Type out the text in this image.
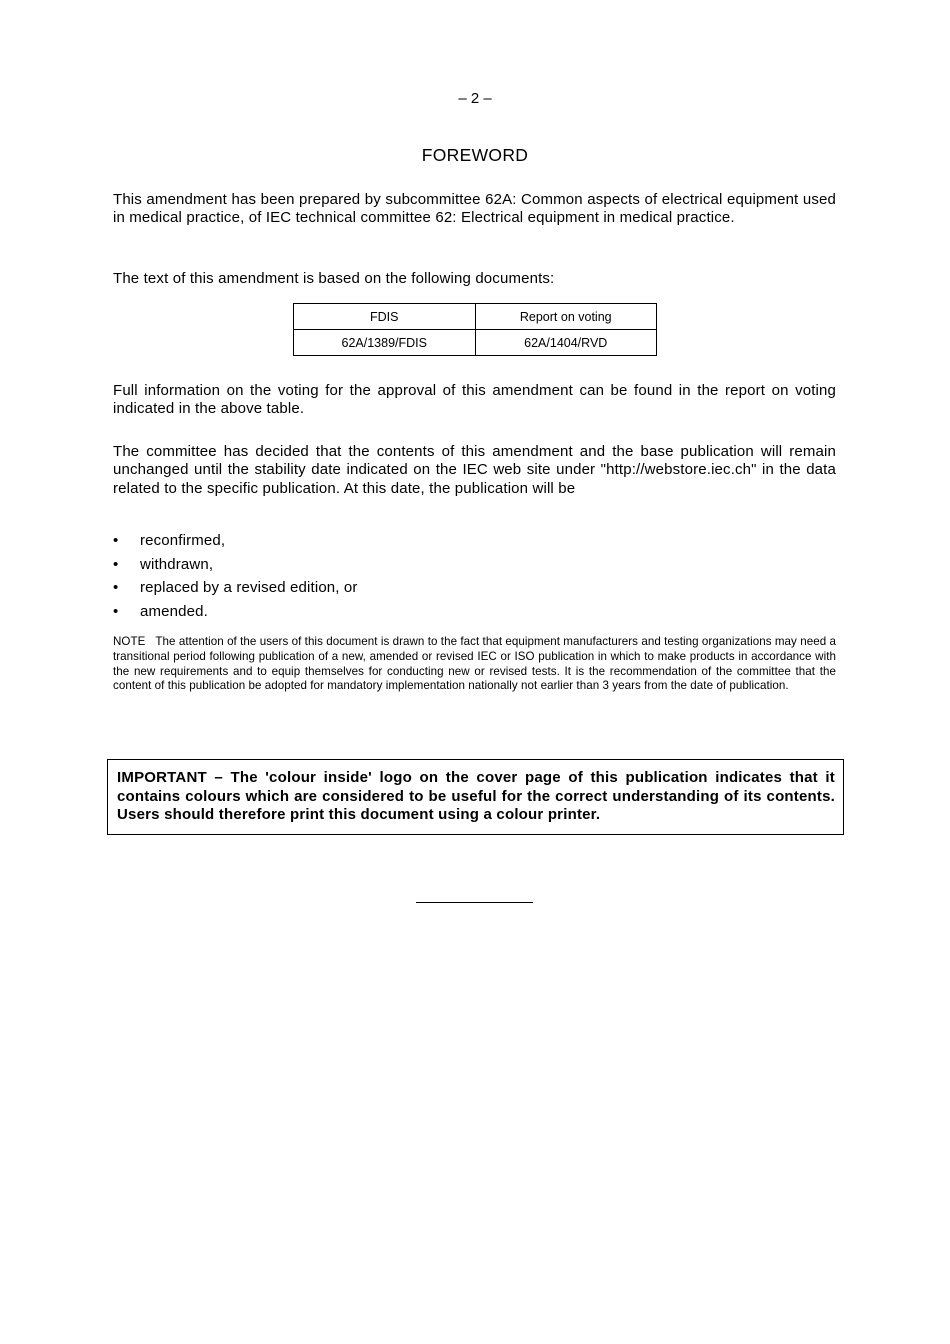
– 2 –
FOREWORD
This amendment has been prepared by subcommittee 62A: Common aspects of electrical equipment used in medical practice, of IEC technical committee 62: Electrical equipment in medical practice.
The text of this amendment is based on the following documents:
FDIS	Report on voting
62A/1389/FDIS	62A/1404/RVD
Full information on the voting for the approval of this amendment can be found in the report on voting indicated in the above table.
The committee has decided that the contents of this amendment and the base publication will remain unchanged until the stability date indicated on the IEC web site under "http://webstore.iec.ch" in the data related to the specific publication. At this date, the publication will be
• reconfirmed,
• withdrawn,
• replaced by a revised edition, or
• amended.
NOTE The attention of the users of this document is drawn to the fact that equipment manufacturers and testing organizations may need a transitional period following publication of a new, amended or revised IEC or ISO publication in which to make products in accordance with the new requirements and to equip themselves for conducting new or revised tests. It is the recommendation of the committee that the content of this publication be adopted for mandatory implementation nationally not earlier than 3 years from the date of publication.
IMPORTANT – The 'colour inside' logo on the cover page of this publication indicates that it contains colours which are considered to be useful for the correct understanding of its contents. Users should therefore print this document using a colour printer.
